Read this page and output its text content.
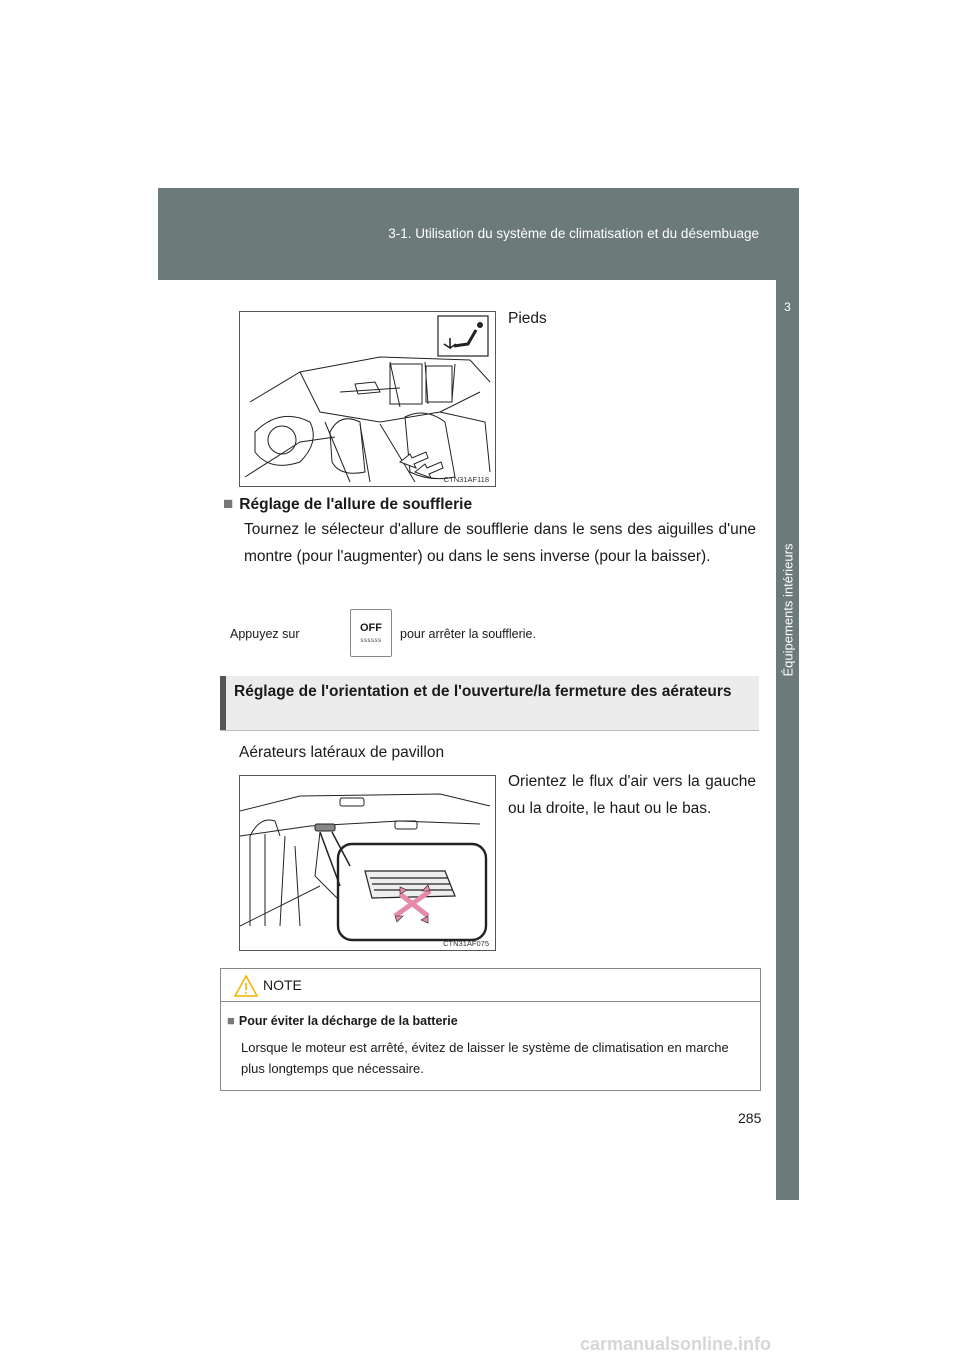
3-1. Utilisation du système de climatisation et du désembuage
3
Équipements intérieurs
CTN31AF118
Pieds
■ Réglage de l'allure de soufflerie
Tournez le sélecteur d'allure de soufflerie dans le sens des aiguilles d'une montre (pour l'augmenter) ou dans le sens inverse (pour la baisser).
Appuyez sur	OFF
ssssss	pour arrêter la soufflerie.
Réglage de l'orientation et de l'ouverture/la fermeture des aérateurs
Aérateurs latéraux de pavillon
CTN31AF075
Orientez le flux d'air vers la gauche ou la droite, le haut ou le bas.
NOTE
■ Pour éviter la décharge de la batterie
Lorsque le moteur est arrêté, évitez de laisser le système de climatisation en marche plus longtemps que nécessaire.
285
carmanualsonline.info
